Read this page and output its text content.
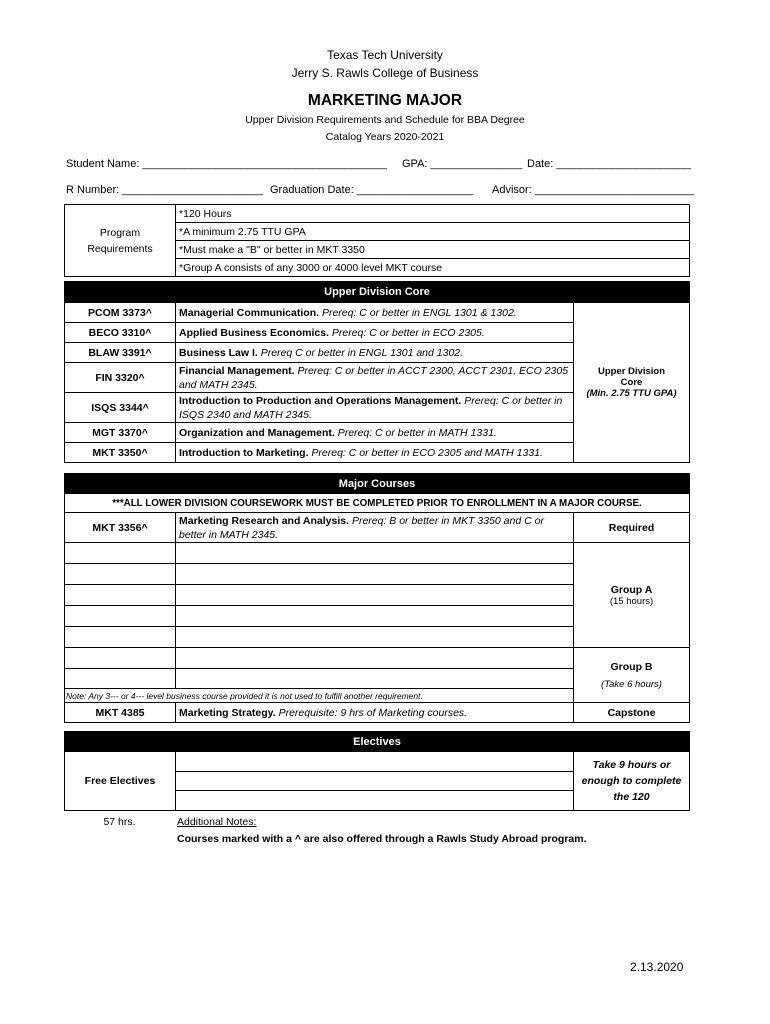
Texas Tech University
Jerry S. Rawls College of Business
MARKETING MAJOR
Upper Division Requirements and Schedule for BBA Degree
Catalog Years 2020-2021
Student Name: ________________________________________ GPA: _______________ Date: ______________________
R Number: _______________________ Graduation Date: ___________________ Advisor: __________________________
Program
Requirements
	*120 Hours
*A minimum 2.75 TTU GPA
*Must make a "B" or better in MKT 3350
*Group A consists of any 3000 or 4000 level MKT course
Upper Division Core		
PCOM 3373^	Managerial Communication. Prereq: C or better in ENGL 1301 & 1302.	Upper Division
Core
(Min. 2.75 TTU GPA)

BECO 3310^	Applied Business Economics. Prereq: C or better in ECO 2305.	
BLAW 3391^	Business Law I. Prereq C or better in ENGL 1301 and 1302.	
FIN 3320^	Financial Management. Prereq: C or better in ACCT 2300, ACCT 2301, ECO 2305 and MATH 2345.	
ISQS 3344^	Introduction to Production and Operations Management. Prereq: C or better in ISQS 2340 and MATH 2345.	
MGT 3370^	Organization and Management. Prereq: C or better in MATH 1331.	
MKT 3350^	Introduction to Marketing. Prereq: C or better in ECO 2305 and MATH 1331.	
Major Courses		
***ALL LOWER DIVISION COURSEWORK MUST BE COMPLETED PRIOR TO ENROLLMENT IN A MAJOR COURSE.		
MKT 3356^	Marketing Research and Analysis. Prereq: B or better in MKT 3350 and C or better in MATH 2345.	Required

		Group A
(15 hours)

		Group B
(Take 6 hours)

Note: Any 3--- or 4--- level business course provided it is not used to fulfill another requirement.		
MKT 4385	Marketing Strategy. Prerequisite: 9 hrs of Marketing courses.	Capstone
Electives
Free Electives		
Take 9 hours or
enough to complete
the 120

57 hrs.	Additional Notes:
Courses marked with a ^ are also offered through a Rawls Study Abroad program.
2.13.2020
